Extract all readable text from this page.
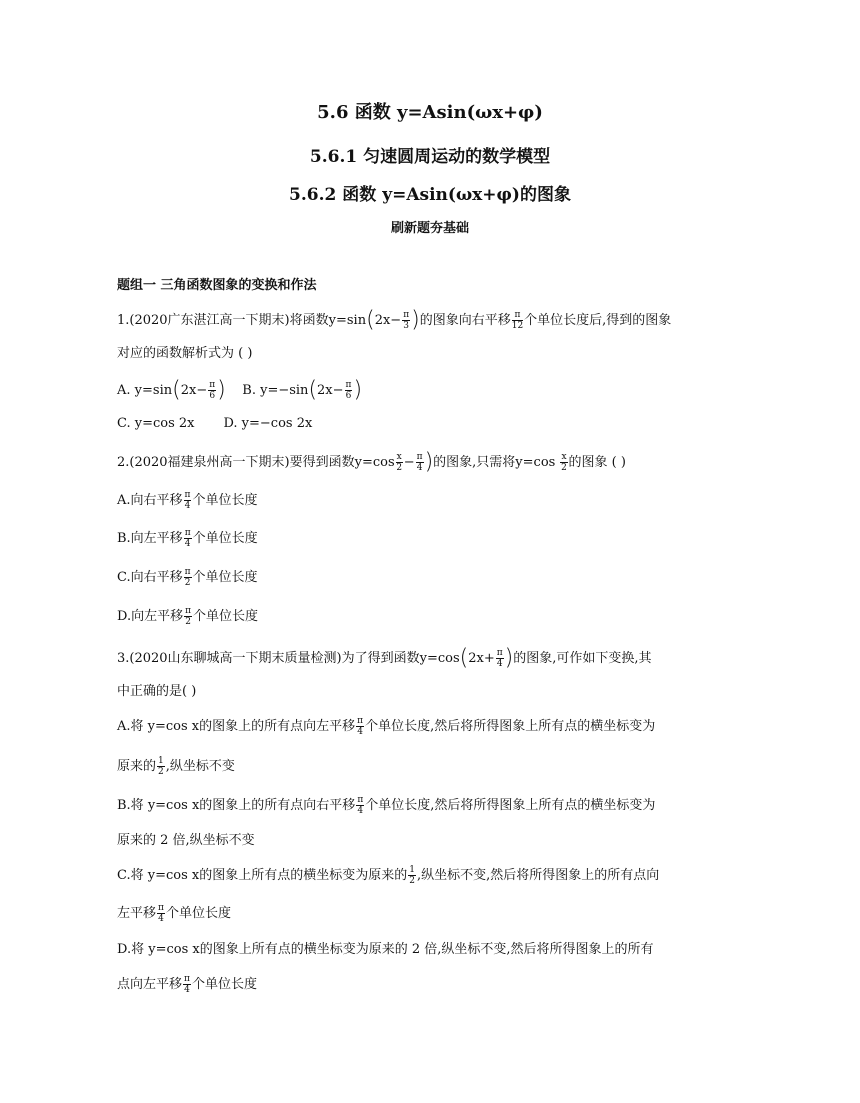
5.6 函数 y=Asin(ωx+φ)
5.6.1 匀速圆周运动的数学模型
5.6.2 函数 y=Asin(ωx+φ)的图象
刷新题夯基础
题组一 三角函数图象的变换和作法
1.(2020广东湛江高一下期末)将函数$y=\sin(2x- \frac{\pi}{3}$ )的图象向右平移 $\frac{\pi}{12}$ 个单位长度后,得到的图象
对应的函数解析式为 ( )
A. $y=\sin(2x- \frac{\pi}{6}$ ) B. $y=-\sin(2x- \frac{\pi}{6}$ )
C. y=cos 2x D. y=−cos 2x
2.(2020福建泉州高一下期末)要得到函数$y=\cos \frac{x}{2} - \frac{\pi}{4}$ )的图象,只需将$y=\cos \frac{x}{2}$ 的图象 ( )
A.向右平移 $\frac{\pi}{4}$ 个单位长度
B.向左平移 $\frac{\pi}{4}$ 个单位长度
C.向右平移 $\frac{\pi}{2}$ 个单位长度
D.向左平移 $\frac{\pi}{2}$ 个单位长度
3.(2020山东聊城高一下期末质量检测)为了得到函数$y=\cos(2x+ \frac{\pi}{4}$ )的图象,可作如下变换,其
中正确的是( )
A.将 y=cos x的图象上的所有点向左平移 $\frac{\pi}{4}$ 个单位长度,然后将所得图象上所有点的横坐标变为
原来的 $\frac{1}{2}$ ,纵坐标不变
B.将 y=cos x的图象上的所有点向右平移 $\frac{\pi}{4}$ 个单位长度,然后将所得图象上所有点的横坐标变为
原来的 2 倍,纵坐标不变
C.将 y=cos x的图象上所有点的横坐标变为原来的 $\frac{1}{2}$ ,纵坐标不变,然后将所得图象上的所有点向
左平移 $\frac{\pi}{4}$ 个单位长度
D.将 y=cos x的图象上所有点的横坐标变为原来的 2 倍,纵坐标不变,然后将所得图象上的所有
点向左平移 $\frac{\pi}{4}$ 个单位长度
